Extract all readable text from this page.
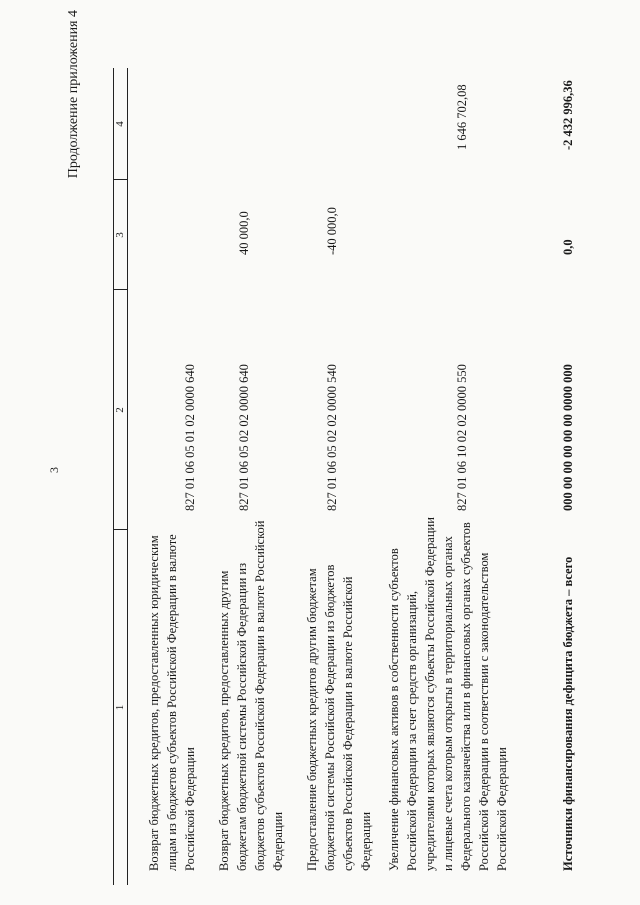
3
Продолжение приложения 4
1
2
3
4
Возврат бюджетных кредитов, предоставленных юридическим лицам из бюджетов субъектов Российской Федерации в валюте Российской Федерации
827 01 06 05 01 02 0000 640
Возврат бюджетных кредитов, предоставленных другим бюджетам бюджетной системы Российской Федерации из бюджетов субъектов Российской Федерации в валюте Российской Федерации
827 01 06 05 02 02 0000 640
40 000,0
Предоставление бюджетных кредитов другим бюджетам бюджетной системы Российской Федерации из бюджетов субъектов Российской Федерации в валюте Российской Федерации
827 01 06 05 02 02 0000 540
-40 000,0
Увеличение финансовых активов в собственности субъектов Российской Федерации за счет средств организаций, учредителями которых являются субъекты Российской Федерации и лицевые счета которым открыты в территориальных органах Федерального казначейства или в финансовых органах субъектов Российской Федерации в соответствии с законодательством Российской Федерации
827 01 06 10 02 02 0000 550
1 646 702,08
Источники финансирования дефицита бюджета – всего
000 00 00 00 00 00 0000 000
0,0
-2 432 996,36
